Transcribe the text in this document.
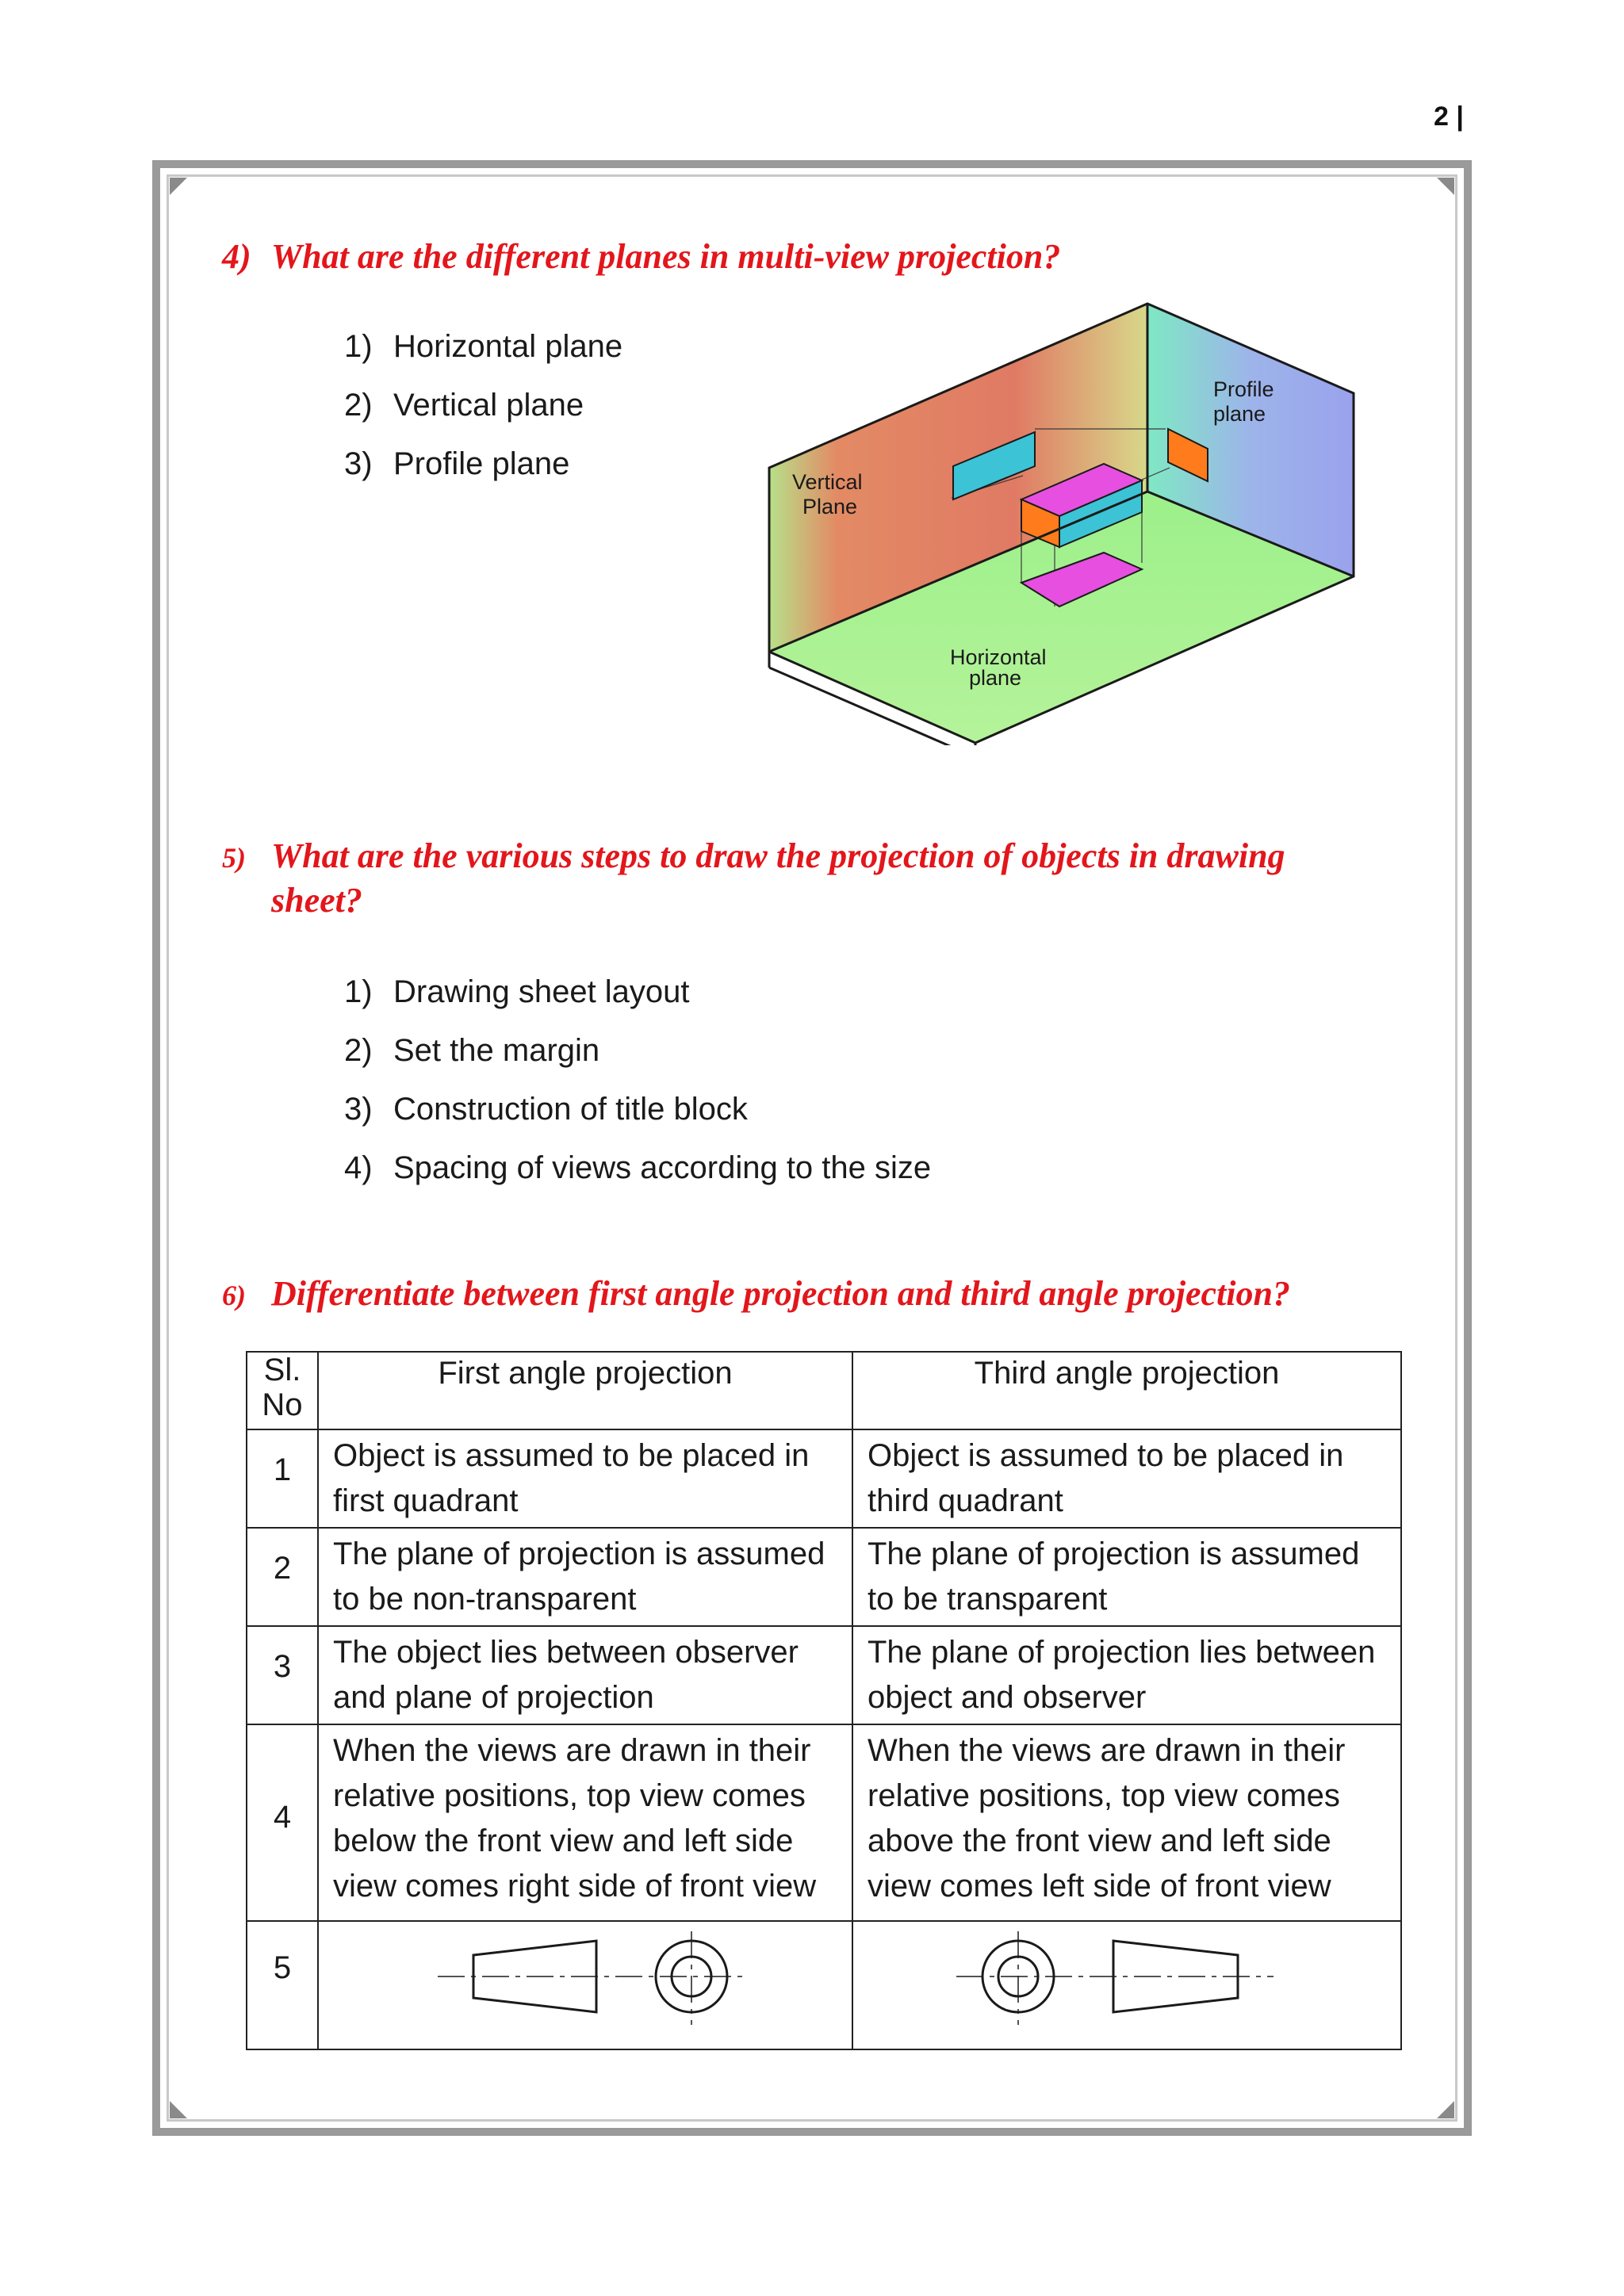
2 |
4) What are the different planes in multi-view projection?
1) Horizontal plane
2) Vertical plane
3) Profile plane
Vertical
Plane
Profile
plane
Horizontal
plane
5) What are the various steps to draw the projection of objects in drawing
sheet?
1) Drawing sheet layout
2) Set the margin
3) Construction of title block
4) Spacing of views according to the size
6) Differentiate between first angle projection and third angle projection?
Sl. No	First angle projection	Third angle projection
1	Object is assumed to be placed in first quadrant	Object is assumed to be placed in third quadrant
2	The plane of projection is assumed to be non-transparent	The plane of projection is assumed to be transparent
3	The object lies between observer and plane of projection	The plane of projection lies between object and observer
4	When the views are drawn in their relative positions, top view comes below the front view and left side view comes right side of front view	When the views are drawn in their relative positions, top view comes above the front view and left side view comes left side of front view
5		
